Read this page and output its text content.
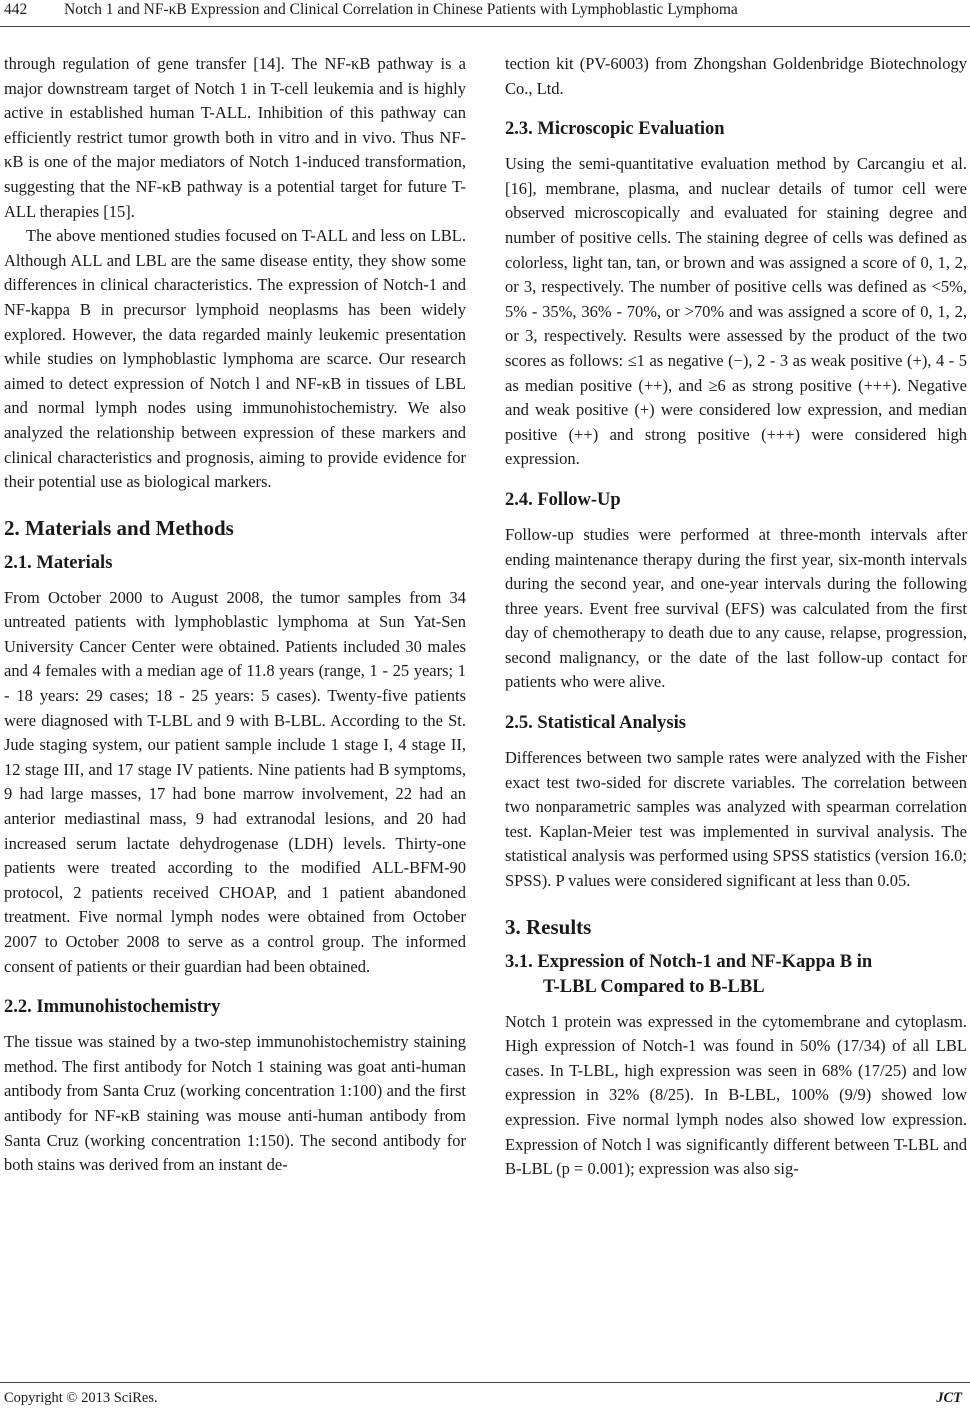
442 Notch 1 and NF-κB Expression and Clinical Correlation in Chinese Patients with Lymphoblastic Lymphoma

through regulation of gene transfer [14]. The NF-κB pathway is a major downstream target of Notch 1 in T-cell leukemia and is highly active in established human T-ALL. Inhibition of this pathway can efficiently restrict tumor growth both in vitro and in vivo. Thus NF-κB is one of the major mediators of Notch 1-induced transformation, suggesting that the NF-κB pathway is a potential target for future T-ALL therapies [15].

The above mentioned studies focused on T-ALL and less on LBL. Although ALL and LBL are the same disease entity, they show some differences in clinical characteristics. The expression of Notch-1 and NF-kappa B in precursor lymphoid neoplasms has been widely explored. However, the data regarded mainly leukemic presentation while studies on lymphoblastic lymphoma are scarce. Our research aimed to detect expression of Notch l and NF-κB in tissues of LBL and normal lymph nodes using immunohistochemistry. We also analyzed the relationship between expression of these markers and clinical characteristics and prognosis, aiming to provide evidence for their potential use as biological markers.

2. Materials and Methods
2.1. Materials

From October 2000 to August 2008, the tumor samples from 34 untreated patients with lymphoblastic lymphoma at Sun Yat-Sen University Cancer Center were obtained. Patients included 30 males and 4 females with a median age of 11.8 years (range, 1 - 25 years; 1 - 18 years: 29 cases; 18 - 25 years: 5 cases). Twenty-five patients were diagnosed with T-LBL and 9 with B-LBL. According to the St. Jude staging system, our patient sample include 1 stage I, 4 stage II, 12 stage III, and 17 stage IV patients. Nine patients had B symptoms, 9 had large masses, 17 had bone marrow involvement, 22 had an anterior mediastinal mass, 9 had extranodal lesions, and 20 had increased serum lactate dehydrogenase (LDH) levels. Thirty-one patients were treated according to the modified ALL-BFM-90 protocol, 2 patients received CHOAP, and 1 patient abandoned treatment. Five normal lymph nodes were obtained from October 2007 to October 2008 to serve as a control group. The informed consent of patients or their guardian had been obtained.

2.2. Immunohistochemistry

The tissue was stained by a two-step immunohistochemistry staining method. The first antibody for Notch 1 staining was goat anti-human antibody from Santa Cruz (working concentration 1:100) and the first antibody for NF-κB staining was mouse anti-human antibody from Santa Cruz (working concentration 1:150). The second antibody for both stains was derived from an instant de-

tection kit (PV-6003) from Zhongshan Goldenbridge Biotechnology Co., Ltd.

2.3. Microscopic Evaluation

Using the semi-quantitative evaluation method by Carcangiu et al. [16], membrane, plasma, and nuclear details of tumor cell were observed microscopically and evaluated for staining degree and number of positive cells. The staining degree of cells was defined as colorless, light tan, tan, or brown and was assigned a score of 0, 1, 2, or 3, respectively. The number of positive cells was defined as <5%, 5% - 35%, 36% - 70%, or >70% and was assigned a score of 0, 1, 2, or 3, respectively. Results were assessed by the product of the two scores as follows: ≤1 as negative (−), 2 - 3 as weak positive (+), 4 - 5 as median positive (++), and ≥6 as strong positive (+++). Negative and weak positive (+) were considered low expression, and median positive (++) and strong positive (+++) were considered high expression.

2.4. Follow-Up

Follow-up studies were performed at three-month intervals after ending maintenance therapy during the first year, six-month intervals during the second year, and one-year intervals during the following three years. Event free survival (EFS) was calculated from the first day of chemotherapy to death due to any cause, relapse, progression, second malignancy, or the date of the last follow-up contact for patients who were alive.

2.5. Statistical Analysis

Differences between two sample rates were analyzed with the Fisher exact test two-sided for discrete variables. The correlation between two nonparametric samples was analyzed with spearman correlation test. Kaplan-Meier test was implemented in survival analysis. The statistical analysis was performed using SPSS statistics (version 16.0; SPSS). P values were considered significant at less than 0.05.

3. Results
3.1. Expression of Notch-1 and NF-Kappa B in
T-LBL Compared to B-LBL

Notch 1 protein was expressed in the cytomembrane and cytoplasm. High expression of Notch-1 was found in 50% (17/34) of all LBL cases. In T-LBL, high expression was seen in 68% (17/25) and low expression in 32% (8/25). In B-LBL, 100% (9/9) showed low expression. Five normal lymph nodes also showed low expression. Expression of Notch l was significantly different between T-LBL and B-LBL (p = 0.001); expression was also sig-

Copyright © 2013 SciRes.	JCT
